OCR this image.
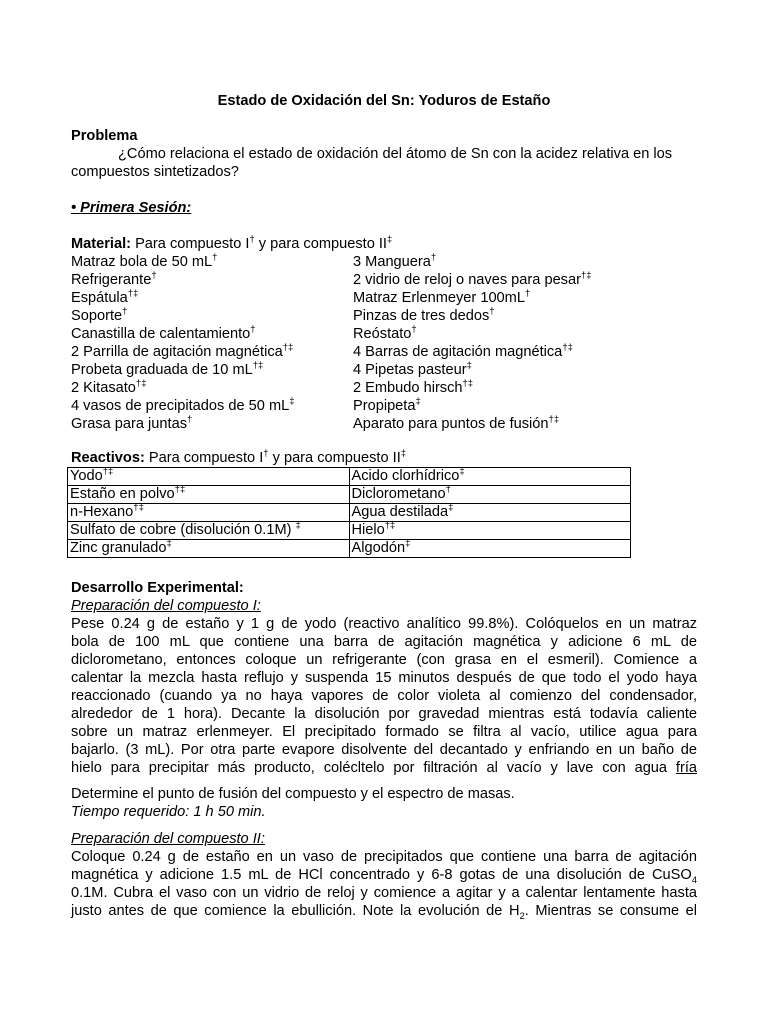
Estado de Oxidación del Sn: Yoduros de Estaño
Problema
¿Cómo relaciona el estado de oxidación del átomo de Sn con la acidez relativa en los
compuestos sintetizados?
• Primera Sesión:
Material: Para compuesto I† y para compuesto II‡
Matraz bola de 50 mL†	3 Manguera†
Refrigerante†	2 vidrio de reloj o naves para pesar†‡
Espátula†‡	Matraz Erlenmeyer 100mL†
Soporte†	Pinzas de tres dedos†
Canastilla de calentamiento†	Reóstato†
2 Parrilla de agitación magnética†‡	4 Barras de agitación magnética†‡
Probeta graduada de 10 mL†‡	4 Pipetas pasteur‡
2 Kitasato†‡	2 Embudo hirsch†‡
4 vasos de precipitados de 50 mL‡	Propipeta‡
Grasa para juntas†	Aparato para puntos de fusión†‡
Reactivos: Para compuesto I† y para compuesto II‡
Yodo†‡	Acido clorhídrico‡
Estaño en polvo†‡	Diclorometano†
n-Hexano†‡	Agua destilada‡
Sulfato de cobre (disolución 0.1M) ‡	Hielo†‡
Zinc granulado‡	Algodón‡
Desarrollo Experimental:
Preparación del compuesto I:
Pese 0.24 g de estaño y 1 g de yodo (reactivo analítico 99.8%). Colóquelos en un matraz
bola de 100 mL que contiene una barra de agitación magnética y adicione 6 mL de
diclorometano, entonces coloque un refrigerante (con grasa en el esmeril). Comience a
calentar la mezcla hasta reflujo y suspenda 15 minutos después de que todo el yodo haya
reaccionado (cuando ya no haya vapores de color violeta al comienzo del condensador,
alrededor de 1 hora). Decante la disolución por gravedad mientras está todavía caliente
sobre un matraz erlenmeyer. El precipitado formado se filtra al vacío, utilice agua para
bajarlo. (3 mL). Por otra parte evapore disolvente del decantado y enfriando en un baño de
hielo para precipitar más producto, colécltelo por filtración al vacío y lave con agua fría
Determine el punto de fusión del compuesto y el espectro de masas.
Tiempo requerido: 1 h 50 min.
Preparación del compuesto II:
Coloque 0.24 g de estaño en un vaso de precipitados que contiene una barra de agitación
magnética y adicione 1.5 mL de HCl concentrado y 6-8 gotas de una disolución de CuSO$_4$
0.1M. Cubra el vaso con un vidrio de reloj y comience a agitar y a calentar lentamente hasta
justo antes de que comience la ebullición. Note la evolución de $H_2$. Mientras se consume el
